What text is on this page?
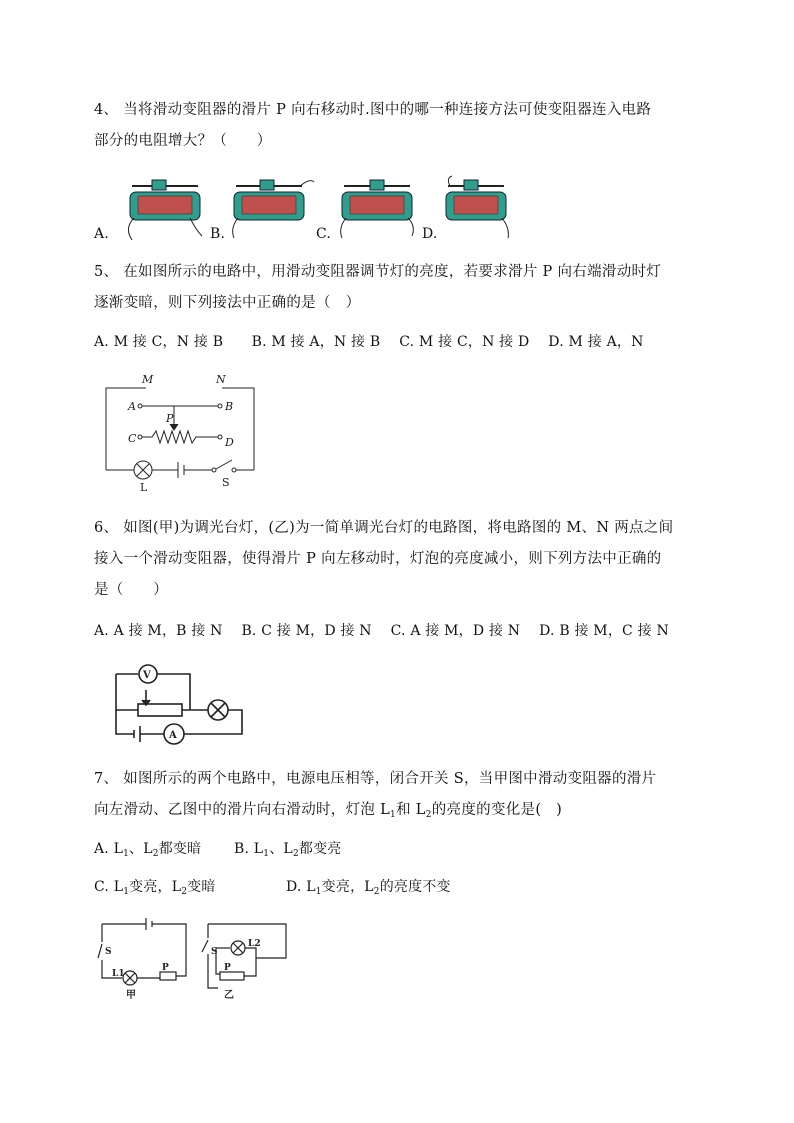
4、 当将滑动变阻器的滑片 P 向右移动时.图中的哪一种连接方法可使变阻器连入电路
部分的电阻增大？（　　）
A.	B.	C.	D.
5、 在如图所示的电路中，用滑动变阻器调节灯的亮度，若要求滑片 P 向右端滑动时灯
逐渐变暗，则下列接法中正确的是（　）
A. M 接 C，N 接 B　　B. M 接 A，N 接 B　 C. M 接 C，N 接 D　 D. M 接 A，N
M	N
A	B
C	D
P
L	S
6、 如图(甲)为调光台灯，(乙)为一简单调光台灯的电路图，将电路图的 M、N 两点之间
接入一个滑动变阻器，使得滑片 P 向左移动时，灯泡的亮度减小，则下列方法中正确的
是（　　）
A. A 接 M，B 接 N　 B. C 接 M，D 接 N　 C. A 接 M，D 接 N　 D. B 接 M，C 接 N
V
A
7、 如图所示的两个电路中，电源电压相等，闭合开关 S，当甲图中滑动变阻器的滑片
向左滑动、乙图中的滑片向右滑动时，灯泡 $L_1$和 $L_2$的亮度的变化是(　)
A. $L_1$、$L_2$都变暗 B. $L_1$、$L_2$都变亮
C. $L_1$变亮，$L_2$变暗	D. $L_1$变亮，$L_2$的亮度不变
S
L1
P
甲
S
L2
P
乙
